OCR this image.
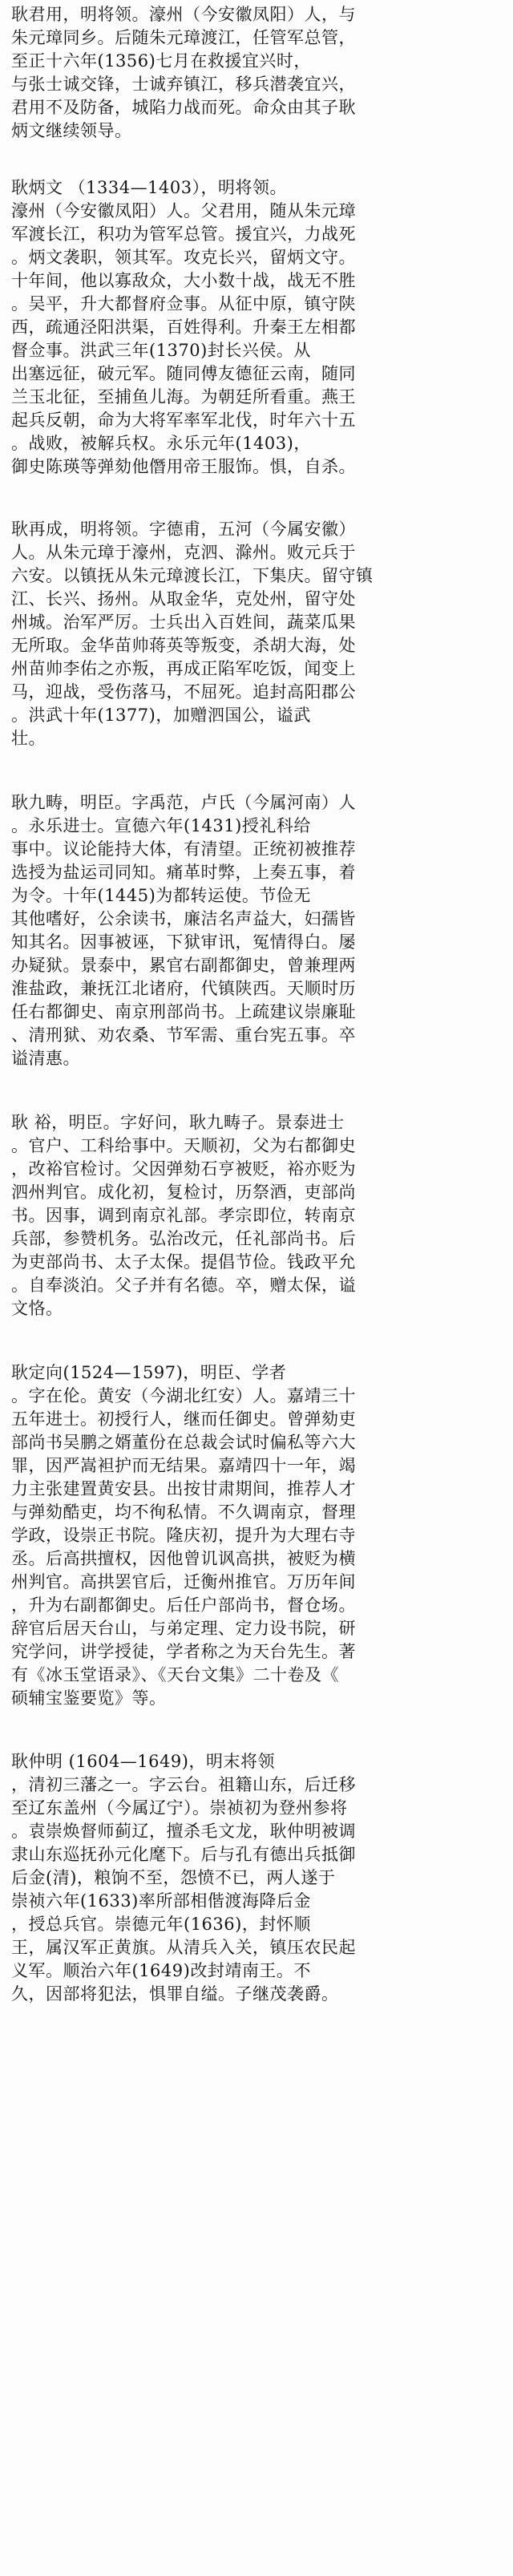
耿君用，明将领。濠州（今安徽凤阳）人，与
朱元璋同乡。后随朱元璋渡江，任管军总管，
至正十六年(1356)七月在救援宜兴时，
与张士诚交锋，士诚弃镇江，移兵潜袭宜兴，
君用不及防备，城陷力战而死。命众由其子耿
炳文继续领导。
耿炳文 （1334—1403），明将领。
濠州（今安徽凤阳）人。父君用，随从朱元璋
军渡长江，积功为管军总管。援宜兴，力战死
。炳文袭职，领其军。攻克长兴，留炳文守。
十年间，他以寡敌众，大小数十战，战无不胜
。吴平，升大都督府佥事。从征中原，镇守陕
西，疏通泾阳洪渠，百姓得利。升秦王左相都
督佥事。洪武三年(1370)封长兴侯。从
出塞远征，破元军。随同傅友德征云南，随同
兰玉北征，至捕鱼儿海。为朝廷所看重。燕王
起兵反朝，命为大将军率军北伐，时年六十五
。战败，被解兵权。永乐元年(1403)，
御史陈瑛等弹劾他僭用帝王服饰。惧，自杀。
耿再成，明将领。字德甫，五河（今属安徽）
人。从朱元璋于濠州，克泗、滁州。败元兵于
六安。以镇抚从朱元璋渡长江，下集庆。留守镇
江、长兴、扬州。从取金华，克处州，留守处
州城。治军严厉。士兵出入百姓间，蔬菜瓜果
无所取。金华苗帅蒋英等叛变，杀胡大海，处
州苗帅李佑之亦叛，再成正陷军吃饭，闻变上
马，迎战，受伤落马，不屈死。追封高阳郡公
。洪武十年(1377)，加赠泗国公，谥武
壮。
耿九畴，明臣。字禹范，卢氏（今属河南）人
。永乐进士。宣德六年(1431)授礼科给
事中。议论能持大体，有清望。正统初被推荐
选授为盐运司同知。痛革时弊，上奏五事，着
为令。十年(1445)为都转运使。节俭无
其他嗜好，公余读书，廉洁名声益大，妇孺皆
知其名。因事被诬，下狱审讯，冤情得白。屡
办疑狱。景泰中，累官右副都御史，曾兼理两
淮盐政，兼抚江北诸府，代镇陕西。天顺时历
任右都御史、南京刑部尚书。上疏建议崇廉耻
、清刑狱、劝农桑、节军需、重台宪五事。卒
谥清惠。
耿 裕，明臣。字好问，耿九畴子。景泰进士
。官户、工科给事中。天顺初，父为右都御史
，改裕官检讨。父因弹劾石亨被贬，裕亦贬为
泗州判官。成化初，复检讨，历祭酒，吏部尚
书。因事，调到南京礼部。孝宗即位，转南京
兵部，参赞机务。弘治改元，任礼部尚书。后
为吏部尚书、太子太保。提倡节俭。钱政平允
。自奉淡泊。父子并有名德。卒，赠太保，谥
文恪。
耿定向(1524—1597)，明臣、学者
。字在伦。黄安（今湖北红安）人。嘉靖三十
五年进士。初授行人，继而任御史。曾弹劾吏
部尚书吴鹏之婿董份在总裁会试时偏私等六大
罪，因严嵩袒护而无结果。嘉靖四十一年，竭
力主张建置黄安县。出按甘肃期间，推荐人才
与弹劾酷吏，均不徇私情。不久调南京，督理
学政，设崇正书院。隆庆初，提升为大理右寺
丞。后高拱擅权，因他曾讥讽高拱，被贬为横
州判官。高拱罢官后，迁衡州推官。万历年间
，升为右副都御史。后任户部尚书，督仓场。
辞官后居天台山，与弟定理、定力设书院，研
究学问，讲学授徒，学者称之为天台先生。著
有《冰玉堂语录》、《天台文集》二十卷及《
硕辅宝鉴要览》等。
耿仲明 (1604—1649)，明末将领
，清初三藩之一。字云台。祖籍山东，后迁移
至辽东盖州（今属辽宁）。崇祯初为登州参将
。袁崇焕督师蓟辽，擅杀毛文龙，耿仲明被调
隶山东巡抚孙元化麾下。后与孔有德出兵抵御
后金(清)，粮饷不至，怨愤不已，两人遂于
崇祯六年(1633)率所部相偕渡海降后金
，授总兵官。崇德元年(1636)，封怀顺
王，属汉军正黄旗。从清兵入关，镇压农民起
义军。顺治六年(1649)改封靖南王。不
久，因部将犯法，惧罪自缢。子继茂袭爵。
